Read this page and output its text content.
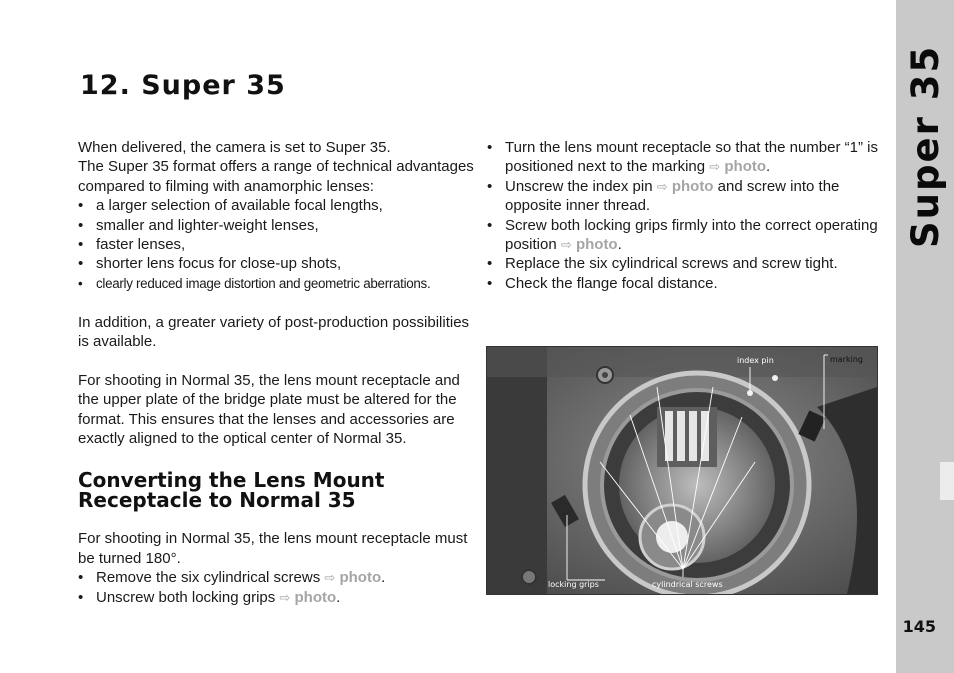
Super 35
145
12. Super 35

When delivered, the camera is set to Super 35.

The Super 35 format offers a range of technical advantages compared to filming with anamorphic lenses:

• a larger selection of available focal lengths,
• smaller and lighter-weight lenses,
• faster lenses,
• shorter lens focus for close-up shots,
• clearly reduced image distortion and geometric aberrations.

In addition, a greater variety of post-production possibilities is available.

For shooting in Normal 35, the lens mount receptacle and the upper plate of the bridge plate must be altered for the format. This ensures that the lenses and accessories are exactly aligned to the optical center of Normal 35.

Converting the Lens Mount Receptacle to Normal 35

For shooting in Normal 35, the lens mount receptacle must be turned 180°.

• Remove the six cylindrical screws ⇨ photo.
• Unscrew both locking grips ⇨ photo.
• Turn the lens mount receptacle so that the number “1” is positioned next to the marking ⇨ photo.
• Unscrew the index pin ⇨ photo and screw into the opposite inner thread.
• Screw both locking grips firmly into the correct operating position ⇨ photo.
• Replace the six cylindrical screws and screw tight.
• Check the flange focal distance.
index pin	marking
locking grips	cylindrical screws
